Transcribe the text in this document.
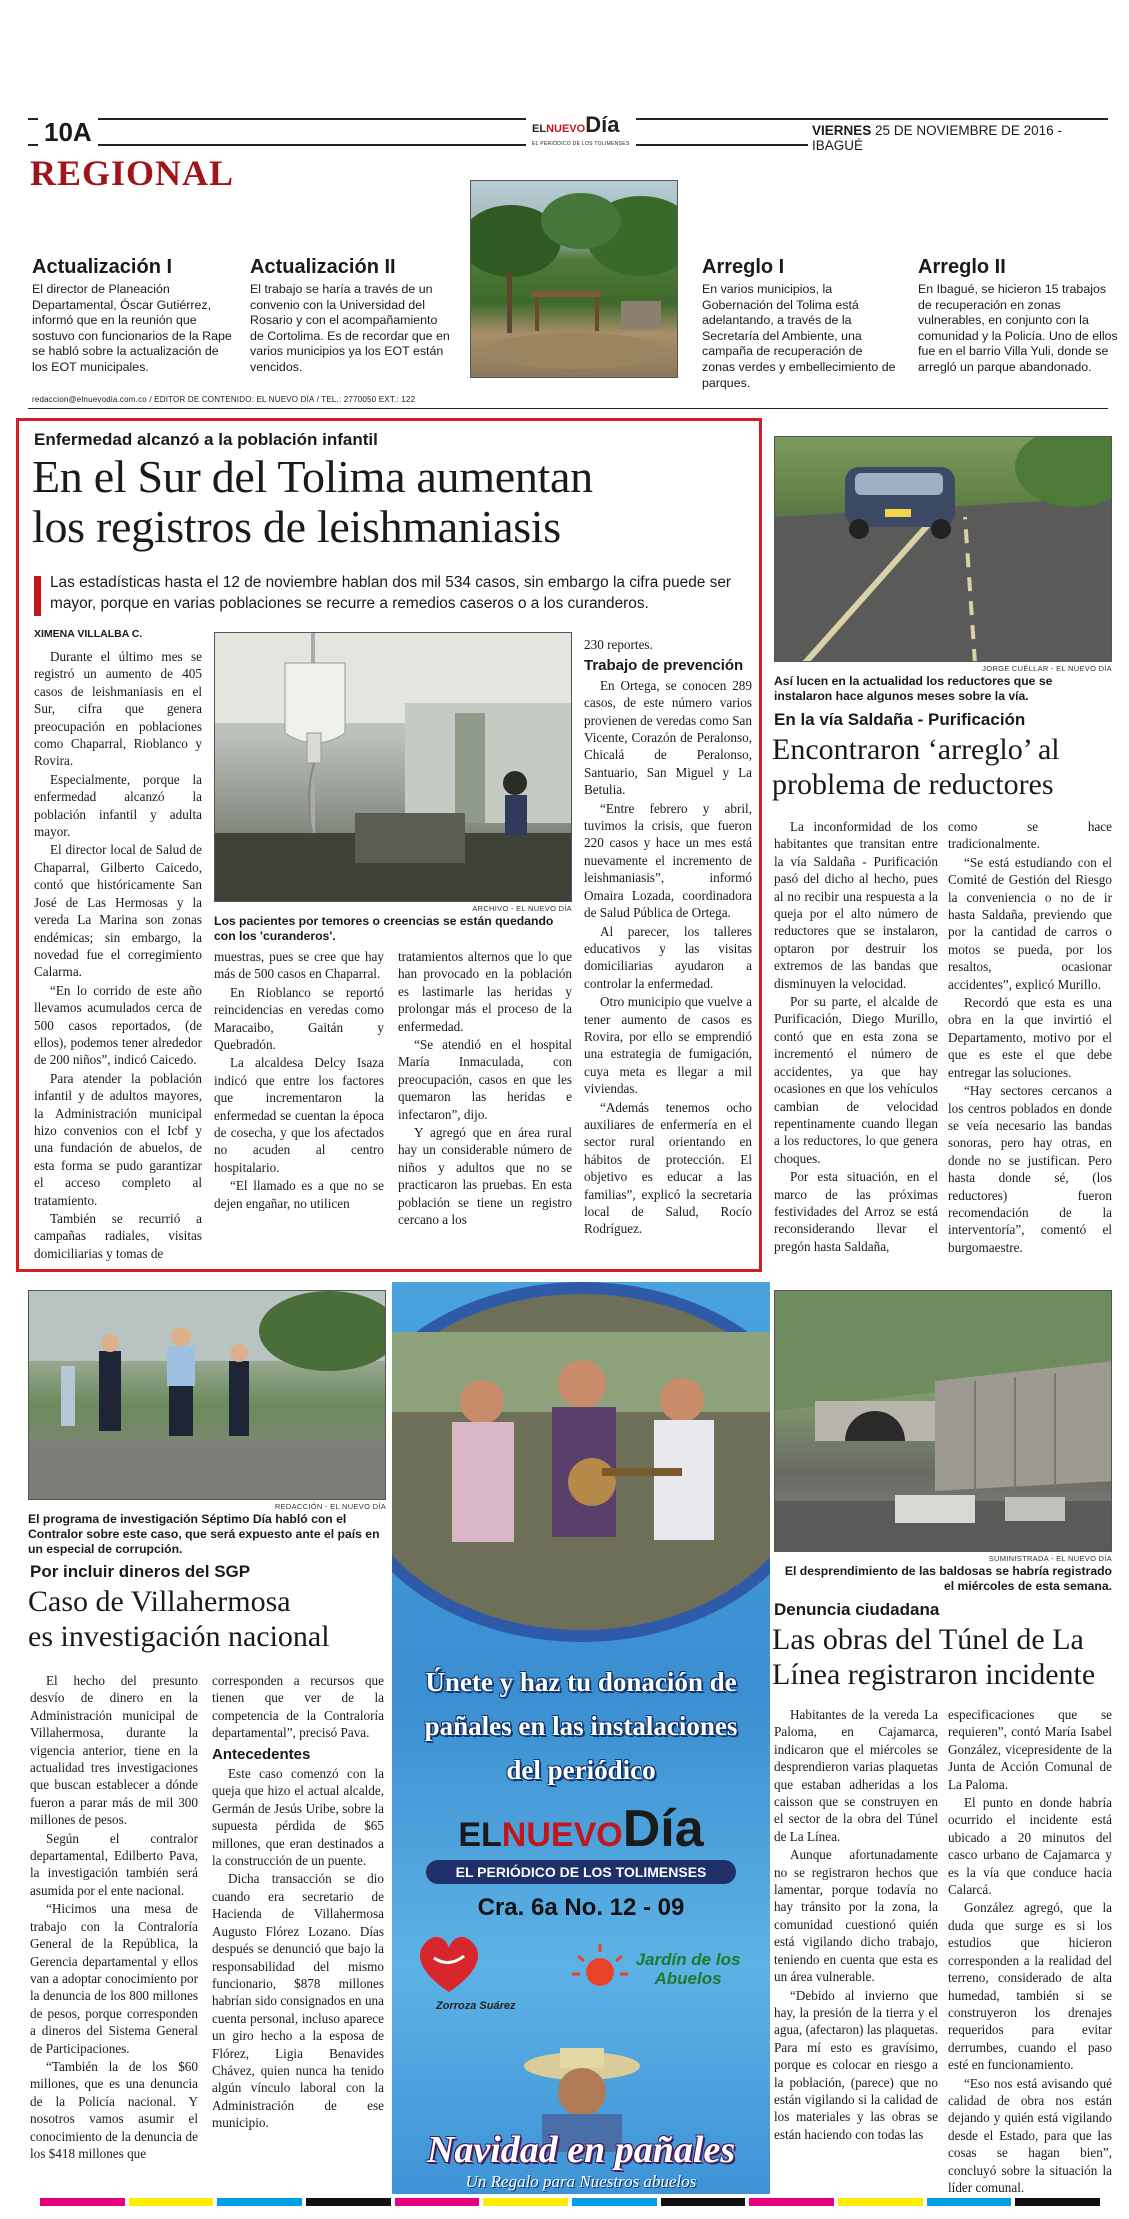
10A	ELNUEVODía
EL PERIÓDICO DE LOS TOLIMENSES
VIERNES 25 DE NOVIEMBRE DE 2016 - IBAGUÉ
REGIONAL
Actualización I

El director de Planeación Departamental, Óscar Gutiérrez, informó que en la reunión que sostuvo con funcionarios de la Rape se habló sobre la actualización de los EOT municipales.

Actualización II

El trabajo se haría a través de un convenio con la Universidad del Rosario y con el acompañamiento de Cortolima. Es de recordar que en varios municipios ya los EOT están vencidos.

Arreglo I

En varios municipios, la Gobernación del Tolima está adelantando, a través de la Secretaría del Ambiente, una campaña de recuperación de zonas verdes y embellecimiento de parques.

Arreglo II

En Ibagué, se hicieron 15 trabajos de recuperación en zonas vulnerables, en conjunto con la comunidad y la Policía. Uno de ellos fue en el barrio Villa Yuli, donde se arregló un parque abandonado.

redaccion@elnuevodia.com.co / EDITOR DE CONTENIDO: EL NUEVO DÍA / TEL.: 2770050 EXT.: 122
Enfermedad alcanzó a la población infantil
En el Sur del Tolima aumentan
los registros de leishmaniasis
Las estadísticas hasta el 12 de noviembre hablan dos mil 534 casos, sin embargo la cifra puede ser mayor, porque en varias poblaciones se recurre a remedios caseros o a los curanderos.
XIMENA VILLALBA C.

Durante el último mes se registró un aumento de 405 casos de leishmaniasis en el Sur, cifra que genera preocupación en poblaciones como Chaparral, Rioblanco y Rovira.

Especialmente, porque la enfermedad alcanzó la población infantil y adulta mayor.

El director local de Salud de Chaparral, Gilberto Caicedo, contó que históricamente San José de Las Hermosas y la vereda La Marina son zonas endémicas; sin embargo, la novedad fue el corregimiento Calarma.

“En lo corrido de este año llevamos acumulados cerca de 500 casos reportados, (de ellos), podemos tener alrededor de 200 niños”, indicó Caicedo.

Para atender la población infantil y de adultos mayores, la Administración municipal hizo convenios con el Icbf y una fundación de abuelos, de esta forma se pudo garantizar el acceso completo al tratamiento.

También se recurrió a campañas radiales, visitas domiciliarias y tomas de

ARCHIVO - EL NUEVO DÍA
Los pacientes por temores o creencias se están quedando con los 'curanderos'.

muestras, pues se cree que hay más de 500 casos en Chaparral.

En Rioblanco se reportó reincidencias en veredas como Maracaibo, Gaitán y Quebradón.

La alcaldesa Delcy Isaza indicó que entre los factores que incrementaron la enfermedad se cuentan la época de cosecha, y que los afectados no acuden al centro hospitalario.

“El llamado es a que no se dejen engañar, no utilicen

tratamientos alternos que lo que han provocado en la población es lastimarle las heridas y prolongar más el proceso de la enfermedad.

“Se atendió en el hospital María Inmaculada, con preocupación, casos en que les quemaron las heridas e infectaron”, dijo.

Y agregó que en área rural hay un considerable número de niños y adultos que no se practicaron las pruebas. En esta población se tiene un registro cercano a los

230 reportes.

Trabajo de prevención

En Ortega, se conocen 289 casos, de este número varios provienen de veredas como San Vicente, Corazón de Peralonso, Chicalá de Peralonso, Santuario, San Miguel y La Betulia.

“Entre febrero y abril, tuvimos la crisis, que fueron 220 casos y hace un mes está nuevamente el incremento de leishmaniasis”, informó Omaira Lozada, coordinadora de Salud Pública de Ortega.

Al parecer, los talleres educativos y las visitas domiciliarias ayudaron a controlar la enfermedad.

Otro municipio que vuelve a tener aumento de casos es Rovira, por ello se emprendió una estrategia de fumigación, cuya meta es llegar a mil viviendas.

“Además tenemos ocho auxiliares de enfermería en el sector rural orientando en hábitos de protección. El objetivo es educar a las familias”, explicó la secretaria local de Salud, Rocío Rodríguez.

JORGE CUÉLLAR - EL NUEVO DÍA
Así lucen en la actualidad los reductores que se instalaron hace algunos meses sobre la vía.
En la vía Saldaña - Purificación
Encontraron ‘arreglo’ al problema de reductores

La inconformidad de los habitantes que transitan entre la vía Saldaña - Purificación pasó del dicho al hecho, pues al no recibir una respuesta a la queja por el alto número de reductores que se instalaron, optaron por destruir los extremos de las bandas que disminuyen la velocidad.

Por su parte, el alcalde de Purificación, Diego Murillo, contó que en esta zona se incrementó el número de accidentes, ya que hay ocasiones en que los vehículos cambian de velocidad repentinamente cuando llegan a los reductores, lo que genera choques.

Por esta situación, en el marco de las próximas festividades del Arroz se está reconsiderando llevar el pregón hasta Saldaña,

como se hace tradicionalmente.

“Se está estudiando con el Comité de Gestión del Riesgo la conveniencia o no de ir hasta Saldaña, previendo que por la cantidad de carros o motos se pueda, por los resaltos, ocasionar accidentes”, explicó Murillo.

Recordó que esta es una obra en la que invirtió el Departamento, motivo por el que es este el que debe entregar las soluciones.

“Hay sectores cercanos a los centros poblados en donde se veía necesario las bandas sonoras, pero hay otras, en donde no se justifican. Pero hasta donde sé, (los reductores) fueron recomendación de la interventoría”, comentó el burgomaestre.

REDACCIÓN - EL NUEVO DÍA
El programa de investigación Séptimo Día habló con el Contralor sobre este caso, que será expuesto ante el país en un especial de corrupción.
Por incluir dineros del SGP
Caso de Villahermosa
es investigación nacional

El hecho del presunto desvío de dinero en la Administración municipal de Villahermosa, durante la vigencia anterior, tiene en la actualidad tres investigaciones que buscan establecer a dónde fueron a parar más de mil 300 millones de pesos.

Según el contralor departamental, Edilberto Pava, la investigación también será asumida por el ente nacional.

“Hicimos una mesa de trabajo con la Contraloría General de la República, la Gerencia departamental y ellos van a adoptar conocimiento por la denuncia de los 800 millones de pesos, porque corresponden a dineros del Sistema General de Participaciones.

“También la de los $60 millones, que es una denuncia de la Policía nacional. Y nosotros vamos asumir el conocimiento de la denuncia de los $418 millones que

corresponden a recursos que tienen que ver de la competencia de la Contraloría departamental”, precisó Pava.

Antecedentes

Este caso comenzó con la queja que hizo el actual alcalde, Germán de Jesús Uribe, sobre la supuesta pérdida de $65 millones, que eran destinados a la construcción de un puente.

Dicha transacción se dio cuando era secretario de Hacienda de Villahermosa Augusto Flórez Lozano. Días después se denunció que bajo la responsabilidad del mismo funcionario, $878 millones habrían sido consignados en una cuenta personal, incluso aparece un giro hecho a la esposa de Flórez, Ligia Benavides Chávez, quien nunca ha tenido algún vínculo laboral con la Administración de ese municipio.

Únete y haz tu donación de
pañales en las instalaciones
del periódico
ELNUEVODía
EL PERIÓDICO DE LOS TOLIMENSES
Cra. 6a No. 12 - 09
Zorroza Suárez
Jardín de los Abuelos
Navidad en pañales
Un Regalo para Nuestros abuelos
SUMINISTRADA - EL NUEVO DÍA
El desprendimiento de las baldosas se habría registrado el miércoles de esta semana.
Denuncia ciudadana
Las obras del Túnel de La Línea registraron incidente

Habitantes de la vereda La Paloma, en Cajamarca, indicaron que el miércoles se desprendieron varias plaquetas que estaban adheridas a los caisson que se construyen en el sector de la obra del Túnel de La Línea.

Aunque afortunadamente no se registraron hechos que lamentar, porque todavía no hay tránsito por la zona, la comunidad cuestionó quién está vigilando dicho trabajo, teniendo en cuenta que esta es un área vulnerable.

“Debido al invierno que hay, la presión de la tierra y el agua, (afectaron) las plaquetas. Para mí esto es gravísimo, porque es colocar en riesgo a la población, (parece) que no están vigilando si la calidad de los materiales y las obras se están haciendo con todas las

especificaciones que se requieren”, contó María Isabel González, vicepresidente de la Junta de Acción Comunal de La Paloma.

El punto en donde habría ocurrido el incidente está ubicado a 20 minutos del casco urbano de Cajamarca y es la vía que conduce hacia Calarcá.

González agregó, que la duda que surge es si los estudios que hicieron corresponden a la realidad del terreno, considerado de alta humedad, también si se construyeron los drenajes requeridos para evitar derrumbes, cuando el paso esté en funcionamiento.

“Eso nos está avisando qué calidad de obra nos están dejando y quién está vigilando desde el Estado, para que las cosas se hagan bien”, concluyó sobre la situación la líder comunal.
